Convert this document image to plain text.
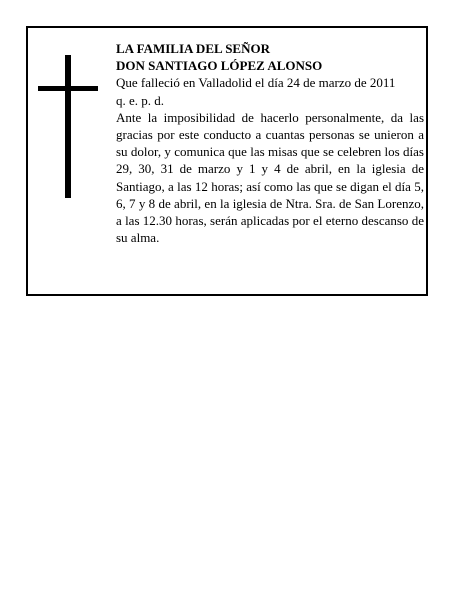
LA FAMILIA DEL SEÑOR

DON SANTIAGO LÓPEZ ALONSO

Que falleció en Valladolid el día 24 de marzo de 2011

q. e. p. d.

Ante la imposibilidad de hacerlo personalmente, da las gracias por este conducto a cuantas personas se unieron a su dolor, y comunica que las misas que se celebren los días 29, 30, 31 de marzo y 1 y 4 de abril, en la iglesia de Santiago, a las 12 horas; así como las que se digan el día 5, 6, 7 y 8 de abril, en la iglesia de Ntra. Sra. de San Lorenzo, a las 12.30 horas, serán aplicadas por el eterno descanso de su alma.
